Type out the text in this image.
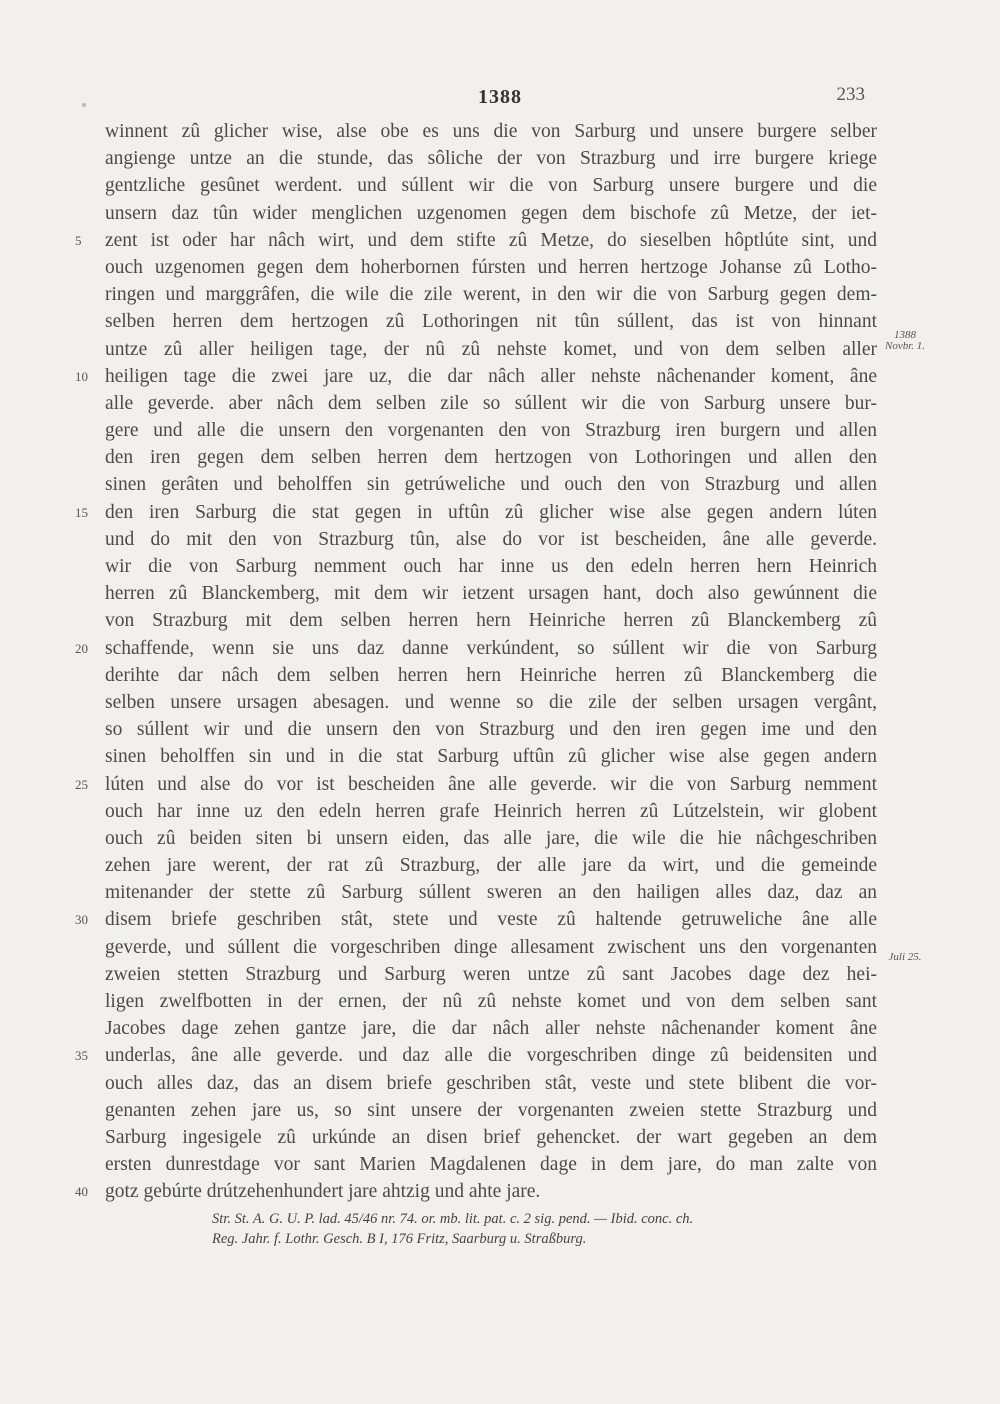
1388	233
winnent zû glicher wise, alse obe es uns die von Sarburg und unsere burgere selber
angienge untze an die stunde, das sôliche der von Strazburg und irre burgere kriege
gentzliche gesûnet werdent. und súllent wir die von Sarburg unsere burgere und die
unsern daz tûn wider menglichen uzgenomen gegen dem bischofe zû Metze, der iet-
5	zent ist oder har nâch wirt, und dem stifte zû Metze, do sieselben hôptlúte sint, und
ouch uzgenomen gegen dem hoherbornen fúrsten und herren hertzoge Johanse zû Lotho-
ringen und marggrâfen, die wile die zile werent, in den wir die von Sarburg gegen dem-
selben herren dem hertzogen zû Lothoringen nit tûn súllent, das ist von hinnant
untze zû aller heiligen tage, der nû zû nehste komet, und von dem selben aller
10 heiligen tage die zwei jare uz, die dar nâch aller nehste nâchenander koment, âne
alle geverde. aber nâch dem selben zile so súllent wir die von Sarburg unsere bur-
gere und alle die unsern den vorgenanten den von Strazburg iren burgern und allen
den iren gegen dem selben herren dem hertzogen von Lothoringen und allen den
sinen gerâten und beholffen sin getrúweliche und ouch den von Strazburg und allen
15 den iren Sarburg die stat gegen in uftûn zû glicher wise alse gegen andern lúten
und do mit den von Strazburg tûn, alse do vor ist bescheiden, âne alle geverde.
wir die von Sarburg nemment ouch har inne us den edeln herren hern Heinrich
herren zû Blanckemberg, mit dem wir ietzent ursagen hant, doch also gewúnnent die
von Strazburg mit dem selben herren hern Heinriche herren zû Blanckemberg zû
20 schaffende, wenn sie uns daz danne verkúndent, so súllent wir die von Sarburg
derihte dar nâch dem selben herren hern Heinriche herren zû Blanckemberg die
selben unsere ursagen abesagen. und wenne so die zile der selben ursagen vergânt,
so súllent wir und die unsern den von Strazburg und den iren gegen ime und den
sinen beholffen sin und in die stat Sarburg uftûn zû glicher wise alse gegen andern
25 lúten und alse do vor ist bescheiden âne alle geverde. wir die von Sarburg nemment
ouch har inne uz den edeln herren grafe Heinrich herren zû Lútzelstein, wir globent
ouch zû beiden siten bi unsern eiden, das alle jare, die wile die hie nâchgeschriben
zehen jare werent, der rat zû Strazburg, der alle jare da wirt, und die gemeinde
mitenander der stette zû Sarburg súllent sweren an den hailigen alles daz, daz an
30 disem briefe geschriben stât, stete und veste zû haltende getruweliche âne alle
geverde, und súllent die vorgeschriben dinge allesament zwischent uns den vorgenanten
zweien stetten Strazburg und Sarburg weren untze zû sant Jacobes dage dez hei-
ligen zwelfbotten in der ernen, der nû zû nehste komet und von dem selben sant
Jacobes dage zehen gantze jare, die dar nâch aller nehste nâchenander koment âne
35 underlas, âne alle geverde. und daz alle die vorgeschriben dinge zû beidensiten und
ouch alles daz, das an disem briefe geschriben stât, veste und stete blibent die vor-
genanten zehen jare us, so sint unsere der vorgenanten zweien stette Strazburg und
Sarburg ingesigele zû urkúnde an disen brief gehencket. der wart gegeben an dem
ersten dunrestdage vor sant Marien Magdalenen dage in dem jare, do man zalte von
40 gotz gebúrte drútzehenhundert jare ahtzig und ahte jare.
1388
Novbr. 1.
Juli 25.
Str. St. A. G. U. P. lad. 45/46 nr. 74. or. mb. lit. pat. c. 2 sig. pend. — Ibid. conc. ch.
Reg. Jahr. f. Lothr. Gesch. B I, 176 Fritz, Saarburg u. Straßburg.
